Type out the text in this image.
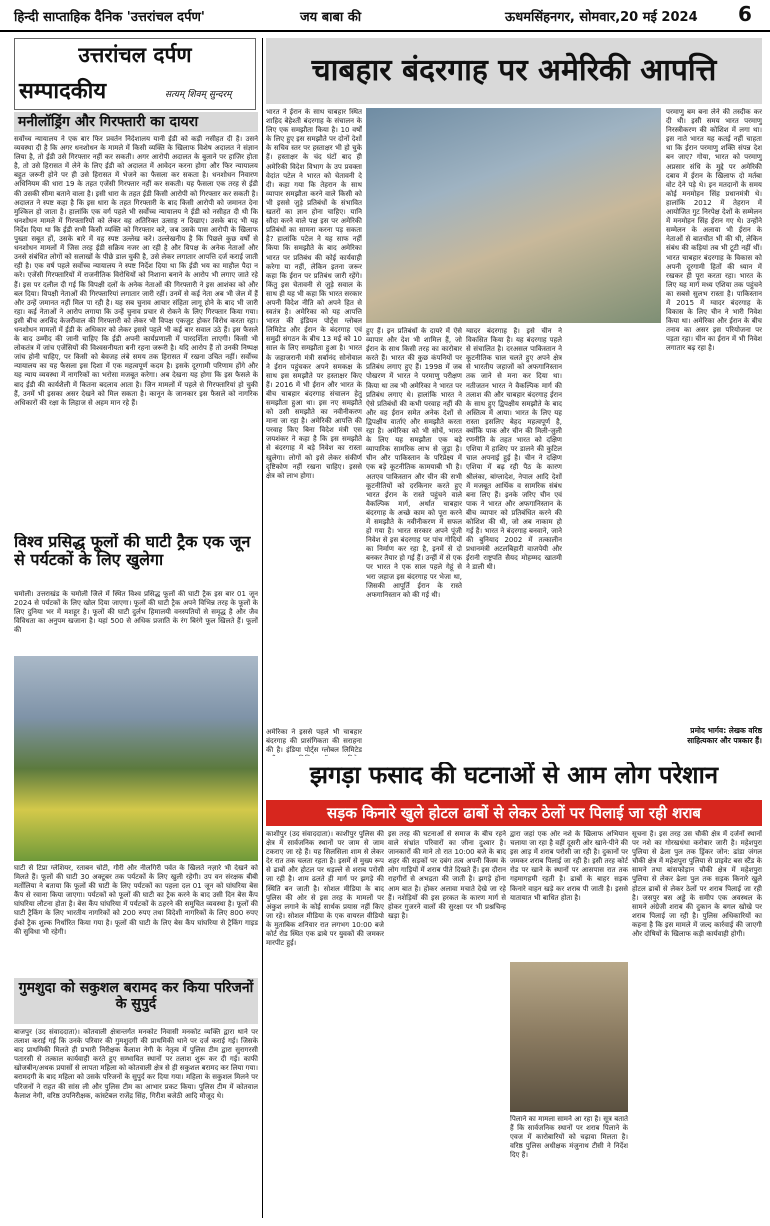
हिन्दी साप्ताहिक दैनिक 'उत्तरांचल दर्पण'	जय बाबा की	ऊधमसिंहनगर, सोमवार,20 मई 2024 6
उत्तरांचल दर्पण
सम्पादकीय	सत्यम् शिवम् सुन्दरम्
मनीलॉड्रिंग और गिरफ्तारी का दायरा
सर्वोच्च न्यायालय ने एक बार फिर प्रवर्तन निदेशालय यानी ईडी को कड़ी नसीहत दी है। उसने व्यवस्था दी है कि अगर धनशोधन के मामले में किसी व्यक्ति के खिलाफ विशेष अदालत ने संज्ञान लिया है, तो ईडी उसे गिरफ्तार नहीं कर सकती। अगर आरोपी अदालत के बुलाने पर हाजिर होता है, तो उसे हिरासत में लेने के लिए ईडी को अदालत में आवेदन करना होगा और फिर न्यायालय बहुत जरूरी होने पर ही उसे हिरासत में भेजने का फैसला कर सकता है। धनशोधन निवारण अधिनियम की धारा 19 के तहत एजेंसी गिरफ्तार नहीं कर सकती। यह फैसला एक तरह से ईडी की उसकी सीमा बताने वाला है। इसी धारा के तहत ईडी किसी आरोपी को गिरफ्तार कर सकती है। अदालत ने स्पष्ट कहा है कि इस धारा के तहत गिरफ्तारी के बाद किसी आरोपी को जमानत देना मुश्किल हो जाता है। हालांकि एक वर्ग पहले भी सर्वोच्च न्यायालय ने ईडी को नसीहत दी थी कि धनशोधन मामले में गिरफ्तारियों को लेकर वह अतिरिक्त उत्साह न दिखाए। उसके बाद भी यह निर्देश दिया था कि ईडी सभी किसी व्यक्ति को गिरफ्तार करे, जब उसके पास आरोपी के खिलाफ पुख्ता सबूत हों, उसके बारे में वह स्पष्ट उल्लेख करे। उल्लेखनीय है कि पिछले कुछ वर्षों से धनशोधन मामलों में जिस तरह ईडी सक्रिय नजर आ रही है और विपक्ष के अनेक नेताओं और उनसे संबंधित लोगों को सलाखों के पीछे डाल चुकी है, उसे लेकर लगातार आपत्ति दर्ज कराई जाती रही है। एक वर्ष पहले सर्वोच्च न्यायालय ने स्पष्ट निर्देश दिया था कि ईडी भय का माहौल पैदा न करे। एजेंसी गिरफ्तारियों में राजनीतिक विरोधियों को निशाना बनाने के आरोप भी लगाए जाते रहे हैं। इस पर दलील दी गई कि विपक्षी दलों के अनेक नेताओं की गिरफ्तारी ने इस आशंका को और बल दिया। विपक्षी नेताओं की गिरफ्तारियां लगातार जारी रहीं। उनमें से कई नेता अब भी जेल में हैं और उन्हें जमानत नहीं मिल पा रही है। यह सब चुनाव आचार संहिता लागू होने के बाद भी जारी रहा। कई नेताओं ने आरोप लगाया कि उन्हें चुनाव प्रचार से रोकने के लिए गिरफ्तार किया गया। इसी बीच अरविंद केजरीवाल की गिरफ्तारी को लेकर भी विपक्ष एकजुट होकर विरोध करता रहा। धनशोधन मामलों में ईडी के अधिकार को लेकर इससे पहले भी कई बार सवाल उठे हैं। इस फैसले के बाद उम्मीद की जानी चाहिए कि ईडी अपनी कार्यप्रणाली में पारदर्शिता लाएगी। किसी भी लोकतंत्र में जांच एजेंसियों की विश्वसनीयता बनी रहना जरूरी है। यदि आरोप हैं तो उनकी निष्पक्ष जांच होनी चाहिए, पर किसी को बेवजह लंबे समय तक हिरासत में रखना उचित नहीं। सर्वोच्च न्यायालय का यह फैसला इस दिशा में एक महत्वपूर्ण कदम है। इसके दूरगामी परिणाम होंगे और यह न्याय व्यवस्था में नागरिकों का भरोसा मजबूत करेगा। अब देखना यह होगा कि इस फैसले के बाद ईडी की कार्यशैली में कितना बदलाव आता है। जिन मामलों में पहले से गिरफ्तारियां हो चुकी हैं, उनमें भी इसका असर देखने को मिल सकता है। कानून के जानकार इस फैसले को नागरिक अधिकारों की रक्षा के लिहाज से अहम मान रहे हैं।
विश्व प्रसिद्ध फूलों की घाटी ट्रैक एक जून से पर्यटकों के लिए खुलेगा
चमोली। उत्तराखंड के चमोली जिले में स्थित विश्व प्रसिद्ध फूलों की घाटी ट्रैक इस बार 01 जून 2024 से पर्यटकों के लिए खोल दिया जाएगा। फूलों की घाटी ट्रैक अपने विभिन्न तरह के फूलों के लिए दुनिया भर में मशहूर है। फूलों की घाटी दुर्लभ हिमालयी वनस्पतियों से समृद्ध है और जैव विविधता का अनुपम खजाना है। यहां 500 से अधिक प्रजाति के रंग बिरंगे फूल खिलते हैं। फूलों की
घाटी से टिप्रा ग्लेशियर, रताबन चोटी, गौरी और नीलगिरी पर्वत के खिलते नज़ारे भी देखने को मिलते हैं। फूलों की घाटी 30 अक्टूबर तक पर्यटकों के लिए खुली रहेगी। उप वन संरक्षक बीबी मर्तोलिया ने बताया कि फूलों की घाटी के लिए पर्यटकों का पहला दल 01 जून को घांघरिया बेस कैंप से रवाना किया जाएगा। पर्यटकों को फूलों की घाटी का ट्रैक करने के बाद उसी दिन बेस कैंप घांघरिया लौटना होता है। बेस कैंप घांघरिया में पर्यटकों के ठहरने की समुचित व्यवस्था है। फूलों की घाटी ट्रैकिंग के लिए भारतीय नागरिकों को 200 रुपए तथा विदेशी नागरिकों के लिए 800 रुपए ईको ट्रैक शुल्क निर्धारित किया गया है। फूलों की घाटी के लिए बेस कैंप घांघरिया से ट्रैकिंग गाइड की सुविधा भी रहेगी।
गुमशुदा को सकुशल बरामद कर किया परिजनों के सुपुर्द
बाजपुर (उद संवाददाता)। कोतवाली क्षेत्रान्तर्गत मनकोट निवासी मनकोट व्यक्ति द्वारा थाने पर तलाश कराई गई कि उनके परिवार की गुमशुदगी की प्राथमिकी थाने पर दर्ज कराई गई। जिसके बाद प्राथमिकी मिलते ही प्रभारी निरीक्षक कैलाश नेगी के नेतृत्व में पुलिस टीम द्वारा सुरागरसी पतारसी से तत्काल कार्यवाही करते हुए सम्भावित स्थानों पर तलाश शुरू कर दी गई। काफी खोजबीन/अथक प्रयासों से लापता महिला को कोतवाली क्षेत्र से ही सकुशल बरामद कर लिया गया। बरामदगी के बाद महिला को उसके परिजनों के सुपुर्द कर दिया गया। महिला के सकुशल मिलने पर परिजनों ने राहत की सांस ली और पुलिस टीम का आभार प्रकट किया। पुलिस टीम में कोतवाल कैलाश नेगी, वरिष्ठ उपनिरीक्षक, कांस्टेबल राजेंद्र सिंह, गिरीश बजेठी आदि मौजूद थे।
चाबहार बंदरगाह पर अमेरिकी आपत्ति
भारत ने ईरान के साथ चाबहार स्थित शाहिद बेहेश्ती बंदरगाह के संचालन के लिए एक समझौता किया है। 10 वर्षों के लिए हुए इस समझौते पर दोनों देशों के सचिव स्तर पर हस्ताक्षर भी हो चुके हैं। हस्ताक्षर के चंद घंटों बाद ही अमेरिकी विदेश विभाग के उप प्रवक्ता वेदांत पटेल ने भारत को चेतावनी दे दी। कहा गया कि तेहरान के साथ व्यापार समझौता करने वाले किसी को भी इससे जुड़े प्रतिबंधों के संभावित खतरों का ज्ञान होना चाहिए। यानि सौदा करने वाले पक्ष इस पर अमेरिकी प्रतिबंधों का सामना करना पड़ सकता है? हालांकि पटेल ने यह साफ नहीं किया कि समझौते के बाद अमेरिका भारत पर प्रतिबंध की कोई कार्यवाही करेगा या नहीं, लेकिन इतना जरूर कहा कि ईरान पर प्रतिबंध जारी रहेंगे। किंतु इस चेतावनी से जुड़े सवाल के साथ ही यह भी कहा कि भारत सरकार अपनी विदेश नीति को अपने हित से स्वतंत्र है। अमेरिका को यह आपत्ति भारत की इंडियन पोर्ट्स ग्लोबल लिमिटेड और ईरान के बंदरगाह एवं समुद्री संगठन के बीच 13 मई को 10 साल के लिए समझौता हुआ है। भारत के जहाजरानी मंत्री सर्बानंद सोनोवाल ने ईरान पहुंचकर अपने समकक्ष के साथ इस समझौते पर हस्ताक्षर किए हैं। 2016 में भी ईरान और भारत के बीच चाबहार बंदरगाह संचालन हेतु समझौता हुआ था। इस नए समझौते को उसी समझौते का नवीनीकरण माना जा रहा है। अमेरिकी आपत्ति की परवाह किए बिना विदेश मंत्री एस जयशंकर ने कहा है कि इस समझौते से बंदरगाह में बड़े निवेश का रास्ता खुलेगा। लोगों को इसे लेकर संकीर्ण दृष्टिकोण नहीं रखना चाहिए। इससे क्षेत्र को लाभ होगा।
अमेरिका ने इससे पहले भी चाबहार बंदरगाह की प्रासंगिकता की सराहना की है। इंडिया पोर्ट्स ग्लोबल लिमिटेड
हुए हैं। इन प्रतिबंधों के दायरे में ऐसे व्यापार और देश भी शामिल हैं, जो ईरान के साथ किसी तरह का कारोबार करते हैं। भारत की कुछ कंपनियों पर प्रतिबंध लगाए हुए हैं। 1998 में जब पोखरण में भारत ने परमाणु परीक्षण किया था तब भी अमेरिका ने भारत पर प्रतिबंध लगाए थे। हालांकि भारत ने ऐसे प्रतिबंधों की कभी परवाह नहीं की और वह ईरान समेत अनेक देशों से द्विपक्षीय वार्ताएं और समझौते करता रहा है। अमेरिका को भी सोचें, भारत के लिए यह समझौता एक बड़े व्यापारिक सामरिक लाभ से जुड़ा है। चीन और पाकिस्तान के परिप्रेक्ष्य में एक बड़े कूटनीतिक कामयाबी भी है। अतएव पाकिस्तान और चीन की सभी कूटनीतियों को दरकिनार करते हुए भारत ईरान के रास्ते पहुंचने वाले वैकल्पिक मार्ग, अर्थात चाबहार बंदरगाह के अच्छे काम को पूरा करने में समझौते के नवीनीकरण में सफल हो गया है। भारत सरकार अपने पूंजी निवेश से इस बंदरगाह पर पांच गोदियों का निर्माण कर रहा है, इनमें से दो बनकर तैयार हो गई हैं। उन्हीं में से एक पर भारत ने एक साल पहले गेहूं से भरा जहाज इस बंदरगाह पर भेजा था, जिसकी आपूर्ति ईरान के रास्ते अफगानिस्तान को की गई थी।
ग्वादर बंदरगाह है। इसे चीन ने विकसित किया है। यह बंदरगाह पहले से संचालित है। दरअसल पाकिस्तान ने कूटनीतिक चाल चलते हुए अपने क्षेत्र से भारतीय जहाजों को अफगानिस्तान तक जाने से मना कर दिया था। नतीजतन भारत ने वैकल्पिक मार्ग की तलाश की और चाबहार बंदरगाह ईरान के साथ हुए द्विपक्षीय समझौते के बाद अस्तित्व में आया। भारत के लिए यह रास्ता इसलिए बेहद महत्वपूर्ण है, क्योंकि पाक और चीन की मिली-जुली रणनीति के तहत भारत को दक्षिण एशिया में हाशिए पर डालने की कुटिल चाल अपनाई हुई है। चीन ने दक्षिण एशिया में बढ़ रही पैठ के कारण श्रीलंका, बांग्लादेश, नेपाल आदि देशों में मजबूत आर्थिक व सामरिक संबंध बना लिए हैं। इनके जरिए चीन एवं पाक ने भारत और अफगानिस्तान के बीच व्यापार को प्रतिबंधित करने की कोशिश की थी, जो अब नाकाम हो गई है। भारत ने बंदरगाह बनवाने, जाने की बुनियाद 2002 में तत्कालीन प्रधानमंत्री अटलबिहारी वाजपेयी और ईरानी राष्ट्रपति सैयद मोहम्मद खातमी ने डाली थी।
परमाणु बम बना लेने की तस्दीक कर दी थी। इसी समय भारत परमाणु निरस्त्रीकरण की कोशिश में लगा था। इस नाते भारत यह कतई नहीं चाहता था कि ईरान परमाणु शक्ति संपन्न देश बन जाए? गोया, भारत को परमाणु अप्रसार संधि के मुद्दे पर अमेरिकी दबाव में ईरान के खिलाफ दो मर्तबा वोट देने पड़े थे। इन मतदानों के समय कोई मनमोहन सिंह प्रधानमंत्री थे। हालांकि 2012 में तेहरान में आयोजित गुट निरपेक्ष देशों के सम्मेलन में मनमोहन सिंह ईरान गए थे। उन्होंने सम्मेलन के अलावा भी ईरान के नेताओं से बातचीत भी की थी, लेकिन संबंध की कड़ियां तब भी टूटी नहीं थीं। भारत चाबहार बंदरगाह के विकास को अपनी दूरगामी हितों की ध्यान में रखकर ही पूरा करता रहा। भारत के लिए यह मार्ग मध्य एशिया तक पहुंचने का सबसे सुलभ रास्ता है। पाकिस्तान में 2015 में ग्वादर बंदरगाह के विकास के लिए चीन ने भारी निवेश किया था। अमेरिका और ईरान के बीच तनाव का असर इस परियोजना पर पड़ता रहा। चीन का ईरान में भी निवेश लगातार बढ़ रहा है।
प्रमोद भार्गव: लेखक वरिष्ठ साहित्यकार और पत्रकार हैं।
झगड़ा फसाद की घटनाओं से आम लोग परेशान
सड़क किनारे खुले होटल ढाबों से लेकर ठेलों पर पिलाई जा रही शराब
काशीपुर (उद संवाददाता)। काशीपुर पुलिस की क्षेत्र में सार्वजनिक स्थानों पर जाम से जाम टकराए जा रहे हैं। यह सिलसिला शाम से लेकर देर रात तक चलता रहता है। इसमें से मुख्य रूप से ढाबों और होटल पर धड़ल्ले से शराब परोसी जा रही है। शाम ढलते ही मार्ग पर झगड़े की स्थिति बन जाती है। सोशल मीडिया के बाद पुलिस की ओर से इस तरह के मामलों पर अंकुश लगाने के कोई सार्थक प्रयास नहीं किए जा रहे। सोशल मीडिया के एक वायरल वीडियो के मुताबिक शनिवार रात लगभग 10:00 बजे कोर्ट रोड स्थित एक ढाबे पर युवकों की जमकर मारपीट हुई।
इस तरह की घटनाओं से समाज के बीच रहने वाले संभ्रांत परिवारों का जीना दुश्वार है। जानकारों की माने तो रात 10:00 बजे के बाद शहर की सड़कों पर दबंग तत्व अपनी किस्म के लोग गाड़ियों में शराब पीते दिखते हैं। इस दौरान राहगीरों से अभद्रता की जाती है। झगड़े होना आम बात है। होकर अलावा मचाते देखे जा रहे हैं। नशेड़ियों की इस हरकत के कारण मार्ग से होकर गुजरने वालों की सुरक्षा पर भी प्रश्नचिन्ह खड़ा है।
द्वारा जहां एक ओर नशे के खिलाफ अभियान चलाया जा रहा है वहीं दूसरी ओर खाने-पीने की इस आड़ में शराब परोसी जा रही है। दुकानों पर जमकर शराब पिलाई जा रही है। इसी तरह कोर्ट रोड पर खाने के स्थानों पर आसपास रात तक गहमागहमी रहती है। ढाबों के बाहर सड़क किनारे वाहन खड़े कर शराब पी जाती है। इससे यातायात भी बाधित होता है।
पिलाने का मामला सामने आ रहा है। सूत्र बताते हैं कि सार्वजनिक स्थानों पर शराब पिलाने के एवज में कारोबारियों को चढ़ावा मिलता है। वरिष्ठ पुलिस अधीक्षक मंजुनाथ टीसी ने निर्देश दिए हैं।
सूचना है। इस तरह उस चौकी क्षेत्र में दर्जनों स्थानों पर नशे का गोरखधंधा करोबार जारी है। महेशपुरा पुलिया से ढेला पुल तक ड्रिंकर जोन: ढांडा जंगल चौकी क्षेत्र में महेशपुरा पुलिया से प्राइवेट बस स्टैंड के सामने तथा बांसफोड़ान चौकी क्षेत्र में महेशपुरा पुलिया से लेकर ढेला पुल तक सड़क किनारे खुले होटल ढाबों से लेकर ठेलों पर शराब पिलाई जा रही है। जसपुर बस अड्डे के समीप एक अवस्थल के सामने अंग्रेजी शराब की दुकान के बगल खोखे पर शराब पिलाई जा रही है। पुलिस अधिकारियों का कहना है कि इस मामले में जल्द कार्रवाई की जाएगी और दोषियों के खिलाफ कड़ी कार्यवाही होगी।
